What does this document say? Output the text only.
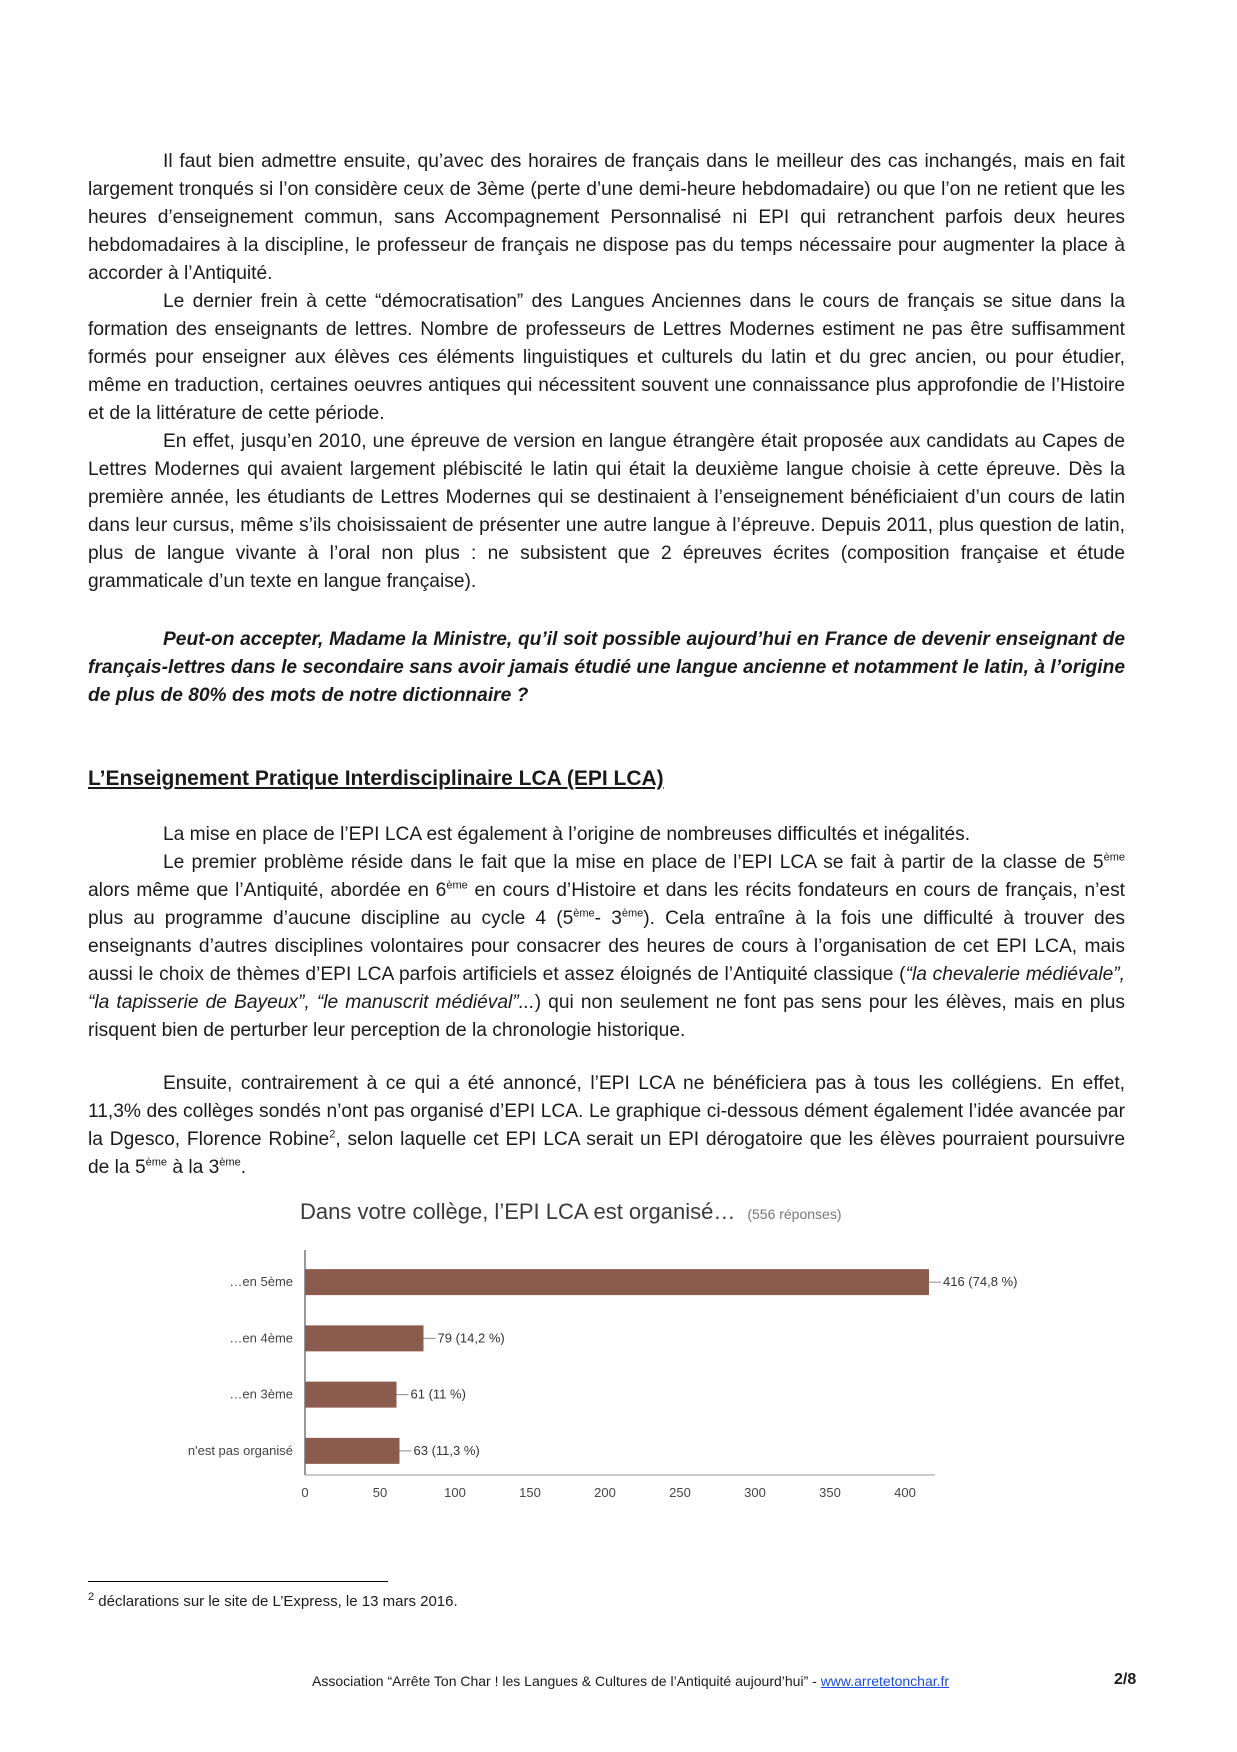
Il faut bien admettre ensuite, qu’avec des horaires de français dans le meilleur des cas inchangés, mais en fait largement tronqués si l’on considère ceux de 3ème (perte d’une demi-heure hebdomadaire) ou que l’on ne retient que les heures d’enseignement commun, sans Accompagnement Personnalisé ni EPI qui retranchent parfois deux heures hebdomadaires à la discipline, le professeur de français ne dispose pas du temps nécessaire pour augmenter la place à accorder à l’Antiquité.

Le dernier frein à cette “démocratisation” des Langues Anciennes dans le cours de français se situe dans la formation des enseignants de lettres. Nombre de professeurs de Lettres Modernes estiment ne pas être suffisamment formés pour enseigner aux élèves ces éléments linguistiques et culturels du latin et du grec ancien, ou pour étudier, même en traduction, certaines oeuvres antiques qui nécessitent souvent une connaissance plus approfondie de l’Histoire et de la littérature de cette période.

En effet, jusqu’en 2010, une épreuve de version en langue étrangère était proposée aux candidats au Capes de Lettres Modernes qui avaient largement plébiscité le latin qui était la deuxième langue choisie à cette épreuve. Dès la première année, les étudiants de Lettres Modernes qui se destinaient à l’enseignement bénéficiaient d’un cours de latin dans leur cursus, même s’ils choisissaient de présenter une autre langue à l’épreuve. Depuis 2011, plus question de latin, plus de langue vivante à l’oral non plus : ne subsistent que 2 épreuves écrites (composition française et étude grammaticale d’un texte en langue française).

Peut-on accepter, Madame la Ministre, qu’il soit possible aujourd’hui en France de devenir enseignant de français-lettres dans le secondaire sans avoir jamais étudié une langue ancienne et notamment le latin, à l’origine de plus de 80% des mots de notre dictionnaire ?

L’Enseignement Pratique Interdisciplinaire LCA (EPI LCA)

La mise en place de l’EPI LCA est également à l’origine de nombreuses difficultés et inégalités.

Le premier problème réside dans le fait que la mise en place de l’EPI LCA se fait à partir de la classe de 5ème alors même que l’Antiquité, abordée en 6ème en cours d’Histoire et dans les récits fondateurs en cours de français, n’est plus au programme d’aucune discipline au cycle 4 (5ème- 3ème). Cela entraîne à la fois une difficulté à trouver des enseignants d’autres disciplines volontaires pour consacrer des heures de cours à l’organisation de cet EPI LCA, mais aussi le choix de thèmes d’EPI LCA parfois artificiels et assez éloignés de l’Antiquité classique (“la chevalerie médiévale”, “la tapisserie de Bayeux”, “le manuscrit médiéval”...) qui non seulement ne font pas sens pour les élèves, mais en plus risquent bien de perturber leur perception de la chronologie historique.

Ensuite, contrairement à ce qui a été annoncé, l’EPI LCA ne bénéficiera pas à tous les collégiens. En effet, 11,3% des collèges sondés n’ont pas organisé d’EPI LCA. Le graphique ci-dessous dément également l’idée avancée par la Dgesco, Florence Robine$^2$, selon laquelle cet EPI LCA serait un EPI dérogatoire que les élèves pourraient poursuivre de la 5ème à la 3ème.

Dans votre collège, l’EPI LCA est organisé… (556 réponses)
…en 5ème	416 (74,8 %)
…en 4ème	79 (14,2 %)
…en 3ème	61 (11 %)
n'est pas organisé	63 (11,3 %)
0	50	100	150	200	250	300	350	400

$^2$ déclarations sur le site de L’Express, le 13 mars 2016.

Association “Arrête Ton Char ! les Langues & Cultures de l’Antiquité aujourd’hui” - www.arretetonchar.fr	2/8
